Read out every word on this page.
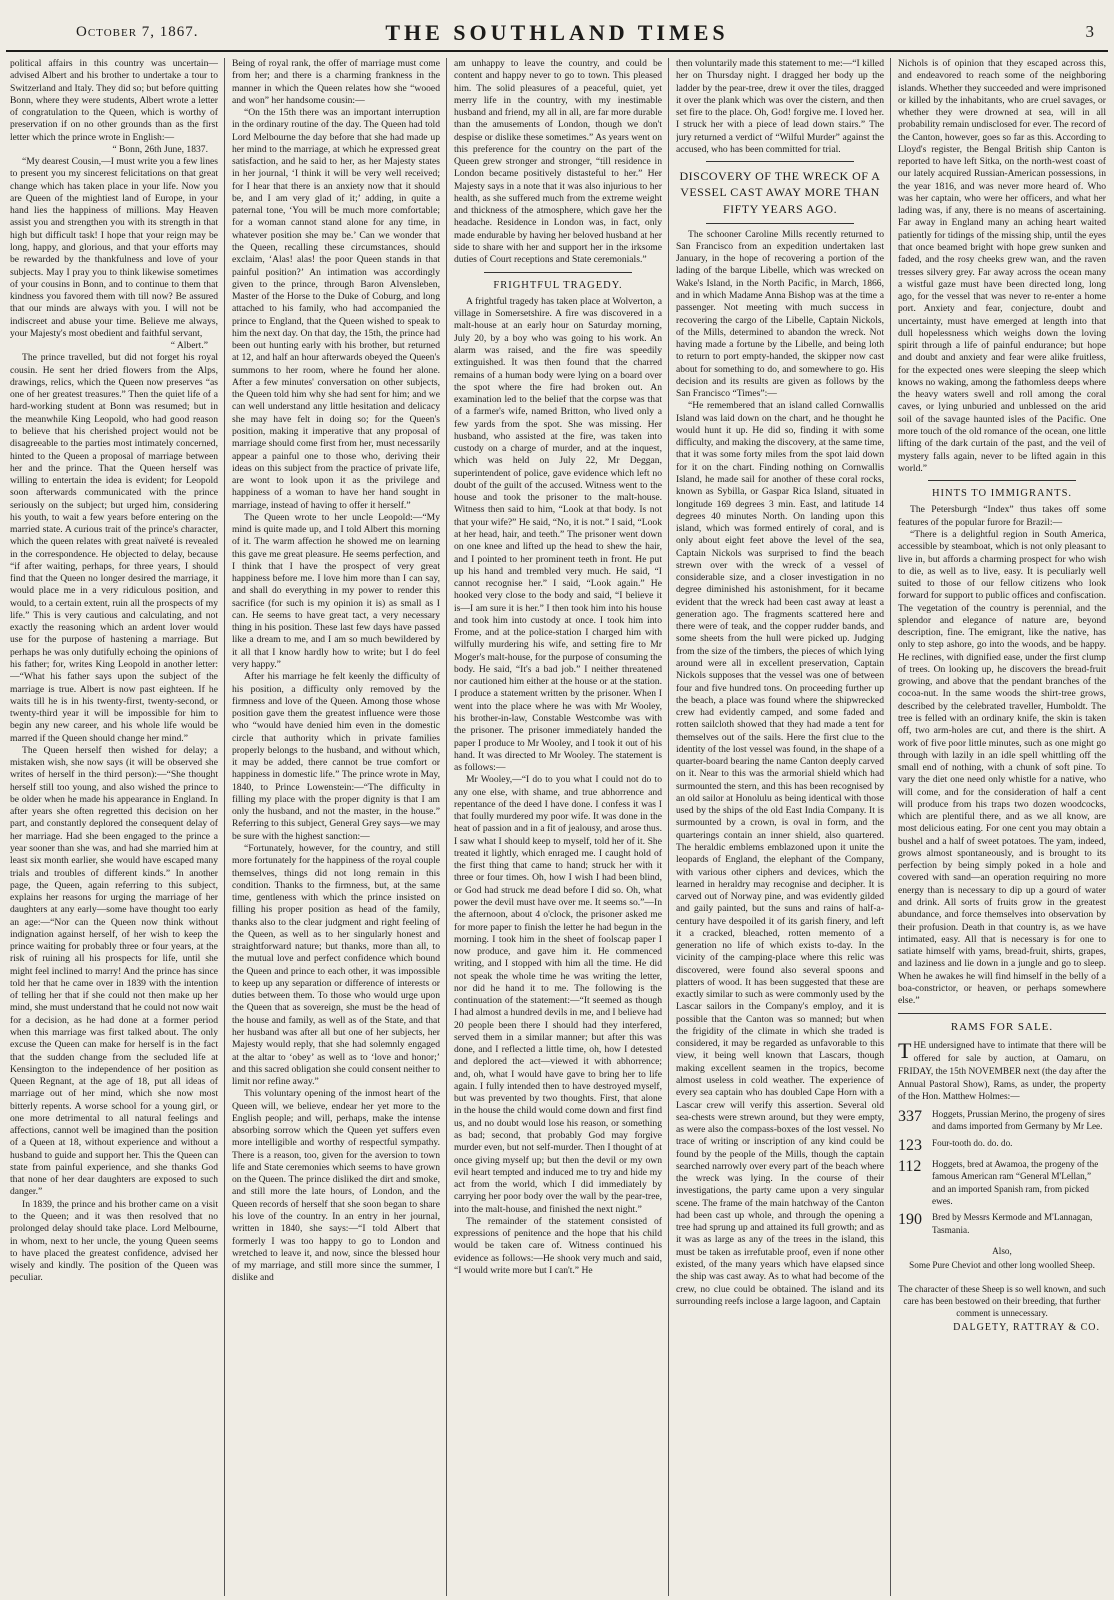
October 7, 1867.	THE SOUTHLAND TIMES	3

political affairs in this country was uncertain—advised Albert and his brother to undertake a tour to Switzerland and Italy. They did so; but before quitting Bonn, where they were students, Albert wrote a letter of congratulation to the Queen, which is worthy of preservation if on no other grounds than as the first letter which the prince wrote in English:—

“ Bonn, 26th June, 1837.

“My dearest Cousin,—I must write you a few lines to present you my sincerest felicitations on that great change which has taken place in your life. Now you are Queen of the mightiest land of Europe, in your hand lies the happiness of millions. May Heaven assist you and strengthen you with its strength in that high but difficult task! I hope that your reign may be long, happy, and glorious, and that your efforts may be rewarded by the thankfulness and love of your subjects. May I pray you to think likewise sometimes of your cousins in Bonn, and to continue to them that kindness you favored them with till now? Be assured that our minds are always with you. I will not be indiscreet and abuse your time. Believe me always, your Majesty's most obedient and faithful servant,

“ Albert.”

The prince travelled, but did not forget his royal cousin. He sent her dried flowers from the Alps, drawings, relics, which the Queen now preserves “as one of her greatest treasures.” Then the quiet life of a hard-working student at Bonn was resumed; but in the meanwhile King Leopold, who had good reason to believe that his cherished project would not be disagreeable to the parties most intimately concerned, hinted to the Queen a proposal of marriage between her and the prince. That the Queen herself was willing to entertain the idea is evident; for Leopold soon afterwards communicated with the prince seriously on the subject; but urged him, considering his youth, to wait a few years before entering on the married state. A curious trait of the prince's character, which the queen relates with great naïveté is revealed in the correspondence. He objected to delay, because “if after waiting, perhaps, for three years, I should find that the Queen no longer desired the marriage, it would place me in a very ridiculous position, and would, to a certain extent, ruin all the prospects of my life.” This is very cautious and calculating, and not exactly the reasoning which an ardent lover would use for the purpose of hastening a marriage. But perhaps he was only dutifully echoing the opinions of his father; for, writes King Leopold in another letter:—“What his father says upon the subject of the marriage is true. Albert is now past eighteen. If he waits till he is in his twenty-first, twenty-second, or twenty-third year it will be impossible for him to begin any new career, and his whole life would be marred if the Queen should change her mind.”

The Queen herself then wished for delay; a mistaken wish, she now says (it will be observed she writes of herself in the third person):—“She thought herself still too young, and also wished the prince to be older when he made his appearance in England. In after years she often regretted this decision on her part, and constantly deplored the consequent delay of her marriage. Had she been engaged to the prince a year sooner than she was, and had she married him at least six month earlier, she would have escaped many trials and troubles of different kinds.” In another page, the Queen, again referring to this subject, explains her reasons for urging the marriage of her daughters at any early—some have thought too early an age:—“Nor can the Queen now think without indignation against herself, of her wish to keep the prince waiting for probably three or four years, at the risk of ruining all his prospects for life, until she might feel inclined to marry! And the prince has since told her that he came over in 1839 with the intention of telling her that if she could not then make up her mind, she must understand that he could not now wait for a decision, as he had done at a former period when this marriage was first talked about. The only excuse the Queen can make for herself is in the fact that the sudden change from the secluded life at Kensington to the independence of her position as Queen Regnant, at the age of 18, put all ideas of marriage out of her mind, which she now most bitterly repents. A worse school for a young girl, or one more detrimental to all natural feelings and affections, cannot well be imagined than the position of a Queen at 18, without experience and without a husband to guide and support her. This the Queen can state from painful experience, and she thanks God that none of her dear daughters are exposed to such danger.”

In 1839, the prince and his brother came on a visit to the Queen; and it was then resolved that no prolonged delay should take place. Lord Melbourne, in whom, next to her uncle, the young Queen seems to have placed the greatest confidence, advised her wisely and kindly. The position of the Queen was peculiar.

Being of royal rank, the offer of marriage must come from her; and there is a charming frankness in the manner in which the Queen relates how she “wooed and won” her handsome cousin:—

“On the 15th there was an important interruption in the ordinary routine of the day. The Queen had told Lord Melbourne the day before that she had made up her mind to the marriage, at which he expressed great satisfaction, and he said to her, as her Majesty states in her journal, ‘I think it will be very well received; for I hear that there is an anxiety now that it should be, and I am very glad of it;’ adding, in quite a paternal tone, ‘You will be much more comfortable; for a woman cannot stand alone for any time, in whatever position she may be.’ Can we wonder that the Queen, recalling these circumstances, should exclaim, ‘Alas! alas! the poor Queen stands in that painful position?’ An intimation was accordingly given to the prince, through Baron Alvensleben, Master of the Horse to the Duke of Coburg, and long attached to his family, who had accompanied the prince to England, that the Queen wished to speak to him the next day. On that day, the 15th, the prince had been out hunting early with his brother, but returned at 12, and half an hour afterwards obeyed the Queen's summons to her room, where he found her alone. After a few minutes' conversation on other subjects, the Queen told him why she had sent for him; and we can well understand any little hesitation and delicacy she may have felt in doing so; for the Queen's position, making it imperative that any proposal of marriage should come first from her, must necessarily appear a painful one to those who, deriving their ideas on this subject from the practice of private life, are wont to look upon it as the privilege and happiness of a woman to have her hand sought in marriage, instead of having to offer it herself.”

The Queen wrote to her uncle Leopold:—“My mind is quite made up, and I told Albert this morning of it. The warm affection he showed me on learning this gave me great pleasure. He seems perfection, and I think that I have the prospect of very great happiness before me. I love him more than I can say, and shall do everything in my power to render this sacrifice (for such is my opinion it is) as small as I can. He seems to have great tact, a very necessary thing in his position. These last few days have passed like a dream to me, and I am so much bewildered by it all that I know hardly how to write; but I do feel very happy.”

After his marriage he felt keenly the difficulty of his position, a difficulty only removed by the firmness and love of the Queen. Among those whose position gave them the greatest influence were those who “would have denied him even in the domestic circle that authority which in private families properly belongs to the husband, and without which, it may be added, there cannot be true comfort or happiness in domestic life.” The prince wrote in May, 1840, to Prince Lowenstein:—“The difficulty in filling my place with the proper dignity is that I am only the husband, and not the master, in the house.” Referring to this subject, General Grey says—we may be sure with the highest sanction:—

“Fortunately, however, for the country, and still more fortunately for the happiness of the royal couple themselves, things did not long remain in this condition. Thanks to the firmness, but, at the same time, gentleness with which the prince insisted on filling his proper position as head of the family, thanks also to the clear judgment and right feeling of the Queen, as well as to her singularly honest and straightforward nature; but thanks, more than all, to the mutual love and perfect confidence which bound the Queen and prince to each other, it was impossible to keep up any separation or difference of interests or duties between them. To those who would urge upon the Queen that as sovereign, she must be the head of the house and family, as well as of the State, and that her husband was after all but one of her subjects, her Majesty would reply, that she had solemnly engaged at the altar to ‘obey’ as well as to ‘love and honor;’ and this sacred obligation she could consent neither to limit nor refine away.”

This voluntary opening of the inmost heart of the Queen will, we believe, endear her yet more to the English people; and will, perhaps, make the intense absorbing sorrow which the Queen yet suffers even more intelligible and worthy of respectful sympathy. There is a reason, too, given for the aversion to town life and State ceremonies which seems to have grown on the Queen. The prince disliked the dirt and smoke, and still more the late hours, of London, and the Queen records of herself that she soon began to share his love of the country. In an entry in her journal, written in 1840, she says:—“I told Albert that formerly I was too happy to go to London and wretched to leave it, and now, since the blessed hour of my marriage, and still more since the summer, I dislike and

am unhappy to leave the country, and could be content and happy never to go to town. This pleased him. The solid pleasures of a peaceful, quiet, yet merry life in the country, with my inestimable husband and friend, my all in all, are far more durable than the amusements of London, though we don't despise or dislike these sometimes.” As years went on this preference for the country on the part of the Queen grew stronger and stronger, “till residence in London became positively distasteful to her.” Her Majesty says in a note that it was also injurious to her health, as she suffered much from the extreme weight and thickness of the atmosphere, which gave her the headache. Residence in London was, in fact, only made endurable by having her beloved husband at her side to share with her and support her in the irksome duties of Court receptions and State ceremonials.”

FRIGHTFUL TRAGEDY.

A frightful tragedy has taken place at Wolverton, a village in Somersetshire. A fire was discovered in a malt-house at an early hour on Saturday morning, July 20, by a boy who was going to his work. An alarm was raised, and the fire was speedily extinguished. It was then found that the charred remains of a human body were lying on a board over the spot where the fire had broken out. An examination led to the belief that the corpse was that of a farmer's wife, named Britton, who lived only a few yards from the spot. She was missing. Her husband, who assisted at the fire, was taken into custody on a charge of murder, and at the inquest, which was held on July 22, Mr Deggan, superintendent of police, gave evidence which left no doubt of the guilt of the accused. Witness went to the house and took the prisoner to the malt-house. Witness then said to him, “Look at that body. Is not that your wife?” He said, “No, it is not.” I said, “Look at her head, hair, and teeth.” The prisoner went down on one knee and lifted up the head to shew the hair, and I pointed to her prominent teeth in front. He put up his hand and trembled very much. He said, “I cannot recognise her.” I said, “Look again.” He hooked very close to the body and said, “I believe it is—I am sure it is her.” I then took him into his house and took him into custody at once. I took him into Frome, and at the police-station I charged him with wilfully murdering his wife, and setting fire to Mr Moger's malt-house, for the purpose of consuming the body. He said, “It's a bad job.” I neither threatened nor cautioned him either at the house or at the station. I produce a statement written by the prisoner. When I went into the place where he was with Mr Wooley, his brother-in-law, Constable Westcombe was with the prisoner. The prisoner immediately handed the paper I produce to Mr Wooley, and I took it out of his hand. It was directed to Mr Wooley. The statement is as follows:—

Mr Wooley,—“I do to you what I could not do to any one else, with shame, and true abhorrence and repentance of the deed I have done. I confess it was I that foully murdered my poor wife. It was done in the heat of passion and in a fit of jealousy, and arose thus. I saw what I should keep to myself, told her of it. She treated it lightly, which enraged me. I caught hold of the first thing that came to hand; struck her with it three or four times. Oh, how I wish I had been blind, or God had struck me dead before I did so. Oh, what power the devil must have over me. It seems so.”—In the afternoon, about 4 o'clock, the prisoner asked me for more paper to finish the letter he had begun in the morning. I took him in the sheet of foolscap paper I now produce, and gave him it. He commenced writing, and I stopped with him all the time. He did not speak the whole time he was writing the letter, nor did he hand it to me. The following is the continuation of the statement:—“It seemed as though I had almost a hundred devils in me, and I believe had 20 people been there I should had they interfered, served them in a similar manner; but after this was done, and I reflected a little time, oh, how I detested and deplored the act—viewed it with abhorrence; and, oh, what I would have gave to bring her to life again. I fully intended then to have destroyed myself, but was prevented by two thoughts. First, that alone in the house the child would come down and first find us, and no doubt would lose his reason, or something as bad; second, that probably God may forgive murder even, but not self-murder. Then I thought of at once giving myself up; but then the devil or my own evil heart tempted and induced me to try and hide my act from the world, which I did immediately by carrying her poor body over the wall by the pear-tree, into the malt-house, and finished the next night.”

The remainder of the statement consisted of expressions of penitence and the hope that his child would be taken care of. Witness continued his evidence as follows:—He shook very much and said, “I would write more but I can't.” He

then voluntarily made this statement to me:—“I killed her on Thursday night. I dragged her body up the ladder by the pear-tree, drew it over the tiles, dragged it over the plank which was over the cistern, and then set fire to the place. Oh, God! forgive me. I loved her. I struck her with a piece of lead down stairs.” The jury returned a verdict of “Wilful Murder” against the accused, who has been committed for trial.

DISCOVERY OF THE WRECK OF A VESSEL CAST AWAY MORE THAN FIFTY YEARS AGO.

The schooner Caroline Mills recently returned to San Francisco from an expedition undertaken last January, in the hope of recovering a portion of the lading of the barque Libelle, which was wrecked on Wake's Island, in the North Pacific, in March, 1866, and in which Madame Anna Bishop was at the time a passenger. Not meeting with much success in recovering the cargo of the Libelle, Captain Nickols, of the Mills, determined to abandon the wreck. Not having made a fortune by the Libelle, and being loth to return to port empty-handed, the skipper now cast about for something to do, and somewhere to go. His decision and its results are given as follows by the San Francisco “Times”:—

“He remembered that an island called Cornwallis Island was laid down on the chart, and he thought he would hunt it up. He did so, finding it with some difficulty, and making the discovery, at the same time, that it was some forty miles from the spot laid down for it on the chart. Finding nothing on Cornwallis Island, he made sail for another of these coral rocks, known as Sybilla, or Gaspar Rica Island, situated in longitude 169 degrees 3 min. East, and latitude 14 degrees 40 minutes North. On landing upon this island, which was formed entirely of coral, and is only about eight feet above the level of the sea, Captain Nickols was surprised to find the beach strewn over with the wreck of a vessel of considerable size, and a closer investigation in no degree diminished his astonishment, for it became evident that the wreck had been cast away at least a generation ago. The fragments scattered here and there were of teak, and the copper rudder bands, and some sheets from the hull were picked up. Judging from the size of the timbers, the pieces of which lying around were all in excellent preservation, Captain Nickols supposes that the vessel was one of between four and five hundred tons. On proceeding further up the beach, a place was found where the shipwrecked crew had evidently camped, and some faded and rotten sailcloth showed that they had made a tent for themselves out of the sails. Here the first clue to the identity of the lost vessel was found, in the shape of a quarter-board bearing the name Canton deeply carved on it. Near to this was the armorial shield which had surmounted the stern, and this has been recognised by an old sailor at Honolulu as being identical with those used by the ships of the old East India Company. It is surmounted by a crown, is oval in form, and the quarterings contain an inner shield, also quartered. The heraldic emblems emblazoned upon it unite the leopards of England, the elephant of the Company, with various other ciphers and devices, which the learned in heraldry may recognise and decipher. It is carved out of Norway pine, and was evidently gilded and gaily painted, but the suns and rains of half-a-century have despoiled it of its garish finery, and left it a cracked, bleached, rotten memento of a generation no life of which exists to-day. In the vicinity of the camping-place where this relic was discovered, were found also several spoons and platters of wood. It has been suggested that these are exactly similar to such as were commonly used by the Lascar sailors in the Company's employ, and it is possible that the Canton was so manned; but when the frigidity of the climate in which she traded is considered, it may be regarded as unfavorable to this view, it being well known that Lascars, though making excellent seamen in the tropics, become almost useless in cold weather. The experience of every sea captain who has doubled Cape Horn with a Lascar crew will verify this assertion. Several old sea-chests were strewn around, but they were empty, as were also the compass-boxes of the lost vessel. No trace of writing or inscription of any kind could be found by the people of the Mills, though the captain searched narrowly over every part of the beach where the wreck was lying. In the course of their investigations, the party came upon a very singular scene. The frame of the main hatchway of the Canton had been cast up whole, and through the opening a tree had sprung up and attained its full growth; and as it was as large as any of the trees in the island, this must be taken as irrefutable proof, even if none other existed, of the many years which have elapsed since the ship was cast away. As to what had become of the crew, no clue could be obtained. The island and its surrounding reefs inclose a large lagoon, and Captain

Nichols is of opinion that they escaped across this, and endeavored to reach some of the neighboring islands. Whether they succeeded and were imprisoned or killed by the inhabitants, who are cruel savages, or whether they were drowned at sea, will in all probability remain undisclosed for ever. The record of the Canton, however, goes so far as this. According to Lloyd's register, the Bengal British ship Canton is reported to have left Sitka, on the north-west coast of our lately acquired Russian-American possessions, in the year 1816, and was never more heard of. Who was her captain, who were her officers, and what her lading was, if any, there is no means of ascertaining. Far away in England many an aching heart waited patiently for tidings of the missing ship, until the eyes that once beamed bright with hope grew sunken and faded, and the rosy cheeks grew wan, and the raven tresses silvery grey. Far away across the ocean many a wistful gaze must have been directed long, long ago, for the vessel that was never to re-enter a home port. Anxiety and fear, conjecture, doubt and uncertainty, must have emerged at length into that dull hopelessness which weighs down the loving spirit through a life of painful endurance; but hope and doubt and anxiety and fear were alike fruitless, for the expected ones were sleeping the sleep which knows no waking, among the fathomless deeps where the heavy waters swell and roll among the coral caves, or lying unburied and unblessed on the arid soil of the savage haunted isles of the Pacific. One more touch of the old romance of the ocean, one little lifting of the dark curtain of the past, and the veil of mystery falls again, never to be lifted again in this world.”

HINTS TO IMMIGRANTS.

The Petersburgh “Index” thus takes off some features of the popular furore for Brazil:—

“There is a delightful region in South America, accessible by steamboat, which is not only pleasant to live in, but affords a charming prospect for who wish to die, as well as to live, easy. It is peculiarly well suited to those of our fellow citizens who look forward for support to public offices and confiscation. The vegetation of the country is perennial, and the splendor and elegance of nature are, beyond description, fine. The emigrant, like the native, has only to step ashore, go into the woods, and be happy. He reclines, with dignified ease, under the first clump of trees. On looking up, he discovers the bread-fruit growing, and above that the pendant branches of the cocoa-nut. In the same woods the shirt-tree grows, described by the celebrated traveller, Humboldt. The tree is felled with an ordinary knife, the skin is taken off, two arm-holes are cut, and there is the shirt. A work of five poor little minutes, such as one might go through with lazily in an idle spell whittling off the small end of nothing, with a chunk of soft pine. To vary the diet one need only whistle for a native, who will come, and for the consideration of half a cent will produce from his traps two dozen woodcocks, which are plentiful there, and as we all know, are most delicious eating. For one cent you may obtain a bushel and a half of sweet potatoes. The yam, indeed, grows almost spontaneously, and is brought to its perfection by being simply poked in a hole and covered with sand—an operation requiring no more energy than is necessary to dip up a gourd of water and drink. All sorts of fruits grow in the greatest abundance, and force themselves into observation by their profusion. Death in that country is, as we have intimated, easy. All that is necessary is for one to satiate himself with yams, bread-fruit, shirts, grapes, and laziness and lie down in a jungle and go to sleep. When he awakes he will find himself in the belly of a boa-constrictor, or heaven, or perhaps somewhere else.”

RAMS FOR SALE.
THE undersigned have to intimate that there will be offered for sale by auction, at Oamaru, on FRIDAY, the 15th NOVEMBER next (the day after the Annual Pastoral Show), Rams, as under, the property of the Hon. Matthew Holmes:—
337	Hoggets, Prussian Merino, the progeny of sires and dams imported from Germany by Mr Lee.
123	Four-tooth do. do. do.
112	Hoggets, bred at Awamoa, the progeny of the famous American ram “General M'Lellan,” and an imported Spanish ram, from picked ewes.
190	Bred by Messrs Kermode and M'Lannagan, Tasmania.
Also,
Some Pure Cheviot and other long woolled Sheep.
The character of these Sheep is so well known, and such care has been bestowed on their breeding, that further comment is unnecessary.
DALGETY, RATTRAY & CO.
